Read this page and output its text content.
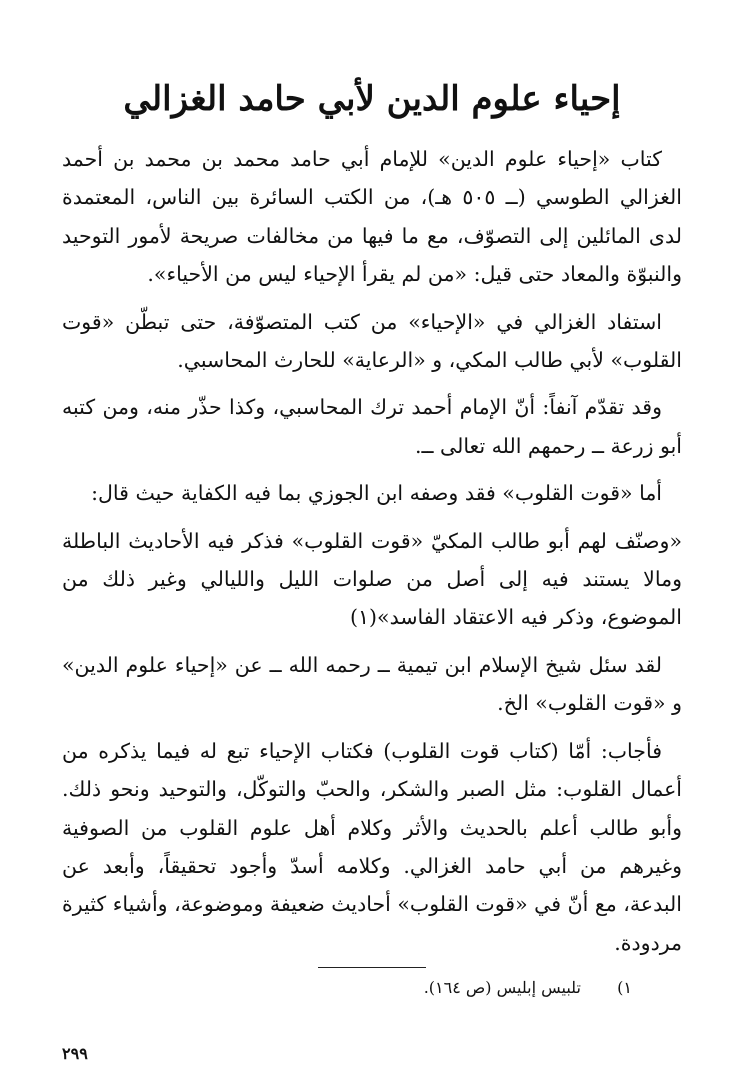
إحياء علوم الدين لأبي حامد الغزالي

كتاب «إحياء علوم الدين» للإمام أبي حامد محمد بن محمد بن أحمد الغزالي الطوسي (ــ ٥٠٥ هـ)، من الكتب السائرة بين الناس، المعتمدة لدى المائلين إلى التصوّف، مع ما فيها من مخالفات صريحة لأمور التوحيد والنبوّة والمعاد حتى قيل: «من لم يقرأ الإحياء ليس من الأحياء».

استفاد الغزالي في «الإحياء» من كتب المتصوّفة، حتى تبطّن «قوت القلوب» لأبي طالب المكي، و «الرعاية» للحارث المحاسبي.

وقد تقدّم آنفاً: أنّ الإمام أحمد ترك المحاسبي، وكذا حذّر منه، ومن كتبه أبو زرعة ــ رحمهم الله تعالى ــ.

أما «قوت القلوب» فقد وصفه ابن الجوزي بما فيه الكفاية حيث قال:

«وصنّف لهم أبو طالب المكيّ «قوت القلوب» فذكر فيه الأحاديث الباطلة ومالا يستند فيه إلى أصل من صلوات الليل والليالي وغير ذلك من الموضوع، وذكر فيه الاعتقاد الفاسد»(١)

لقد سئل شيخ الإسلام ابن تيمية ــ رحمه الله ــ عن «إحياء علوم الدين» و «قوت القلوب» الخ.

فأجاب: أمّا (كتاب قوت القلوب) فكتاب الإحياء تبع له فيما يذكره من أعمال القلوب: مثل الصبر والشكر، والحبّ والتوكّل، والتوحيد ونحو ذلك. وأبو طالب أعلم بالحديث والأثر وكلام أهل علوم القلوب من الصوفية وغيرهم من أبي حامد الغزالي. وكلامه أسدّ وأجود تحقيقاً، وأبعد عن البدعة، مع أنّ في «قوت القلوب» أحاديث ضعيفة وموضوعة، وأشياء كثيرة مردودة.

١) تلبيس إبليس (ص ١٦٤).
٢٩٩
